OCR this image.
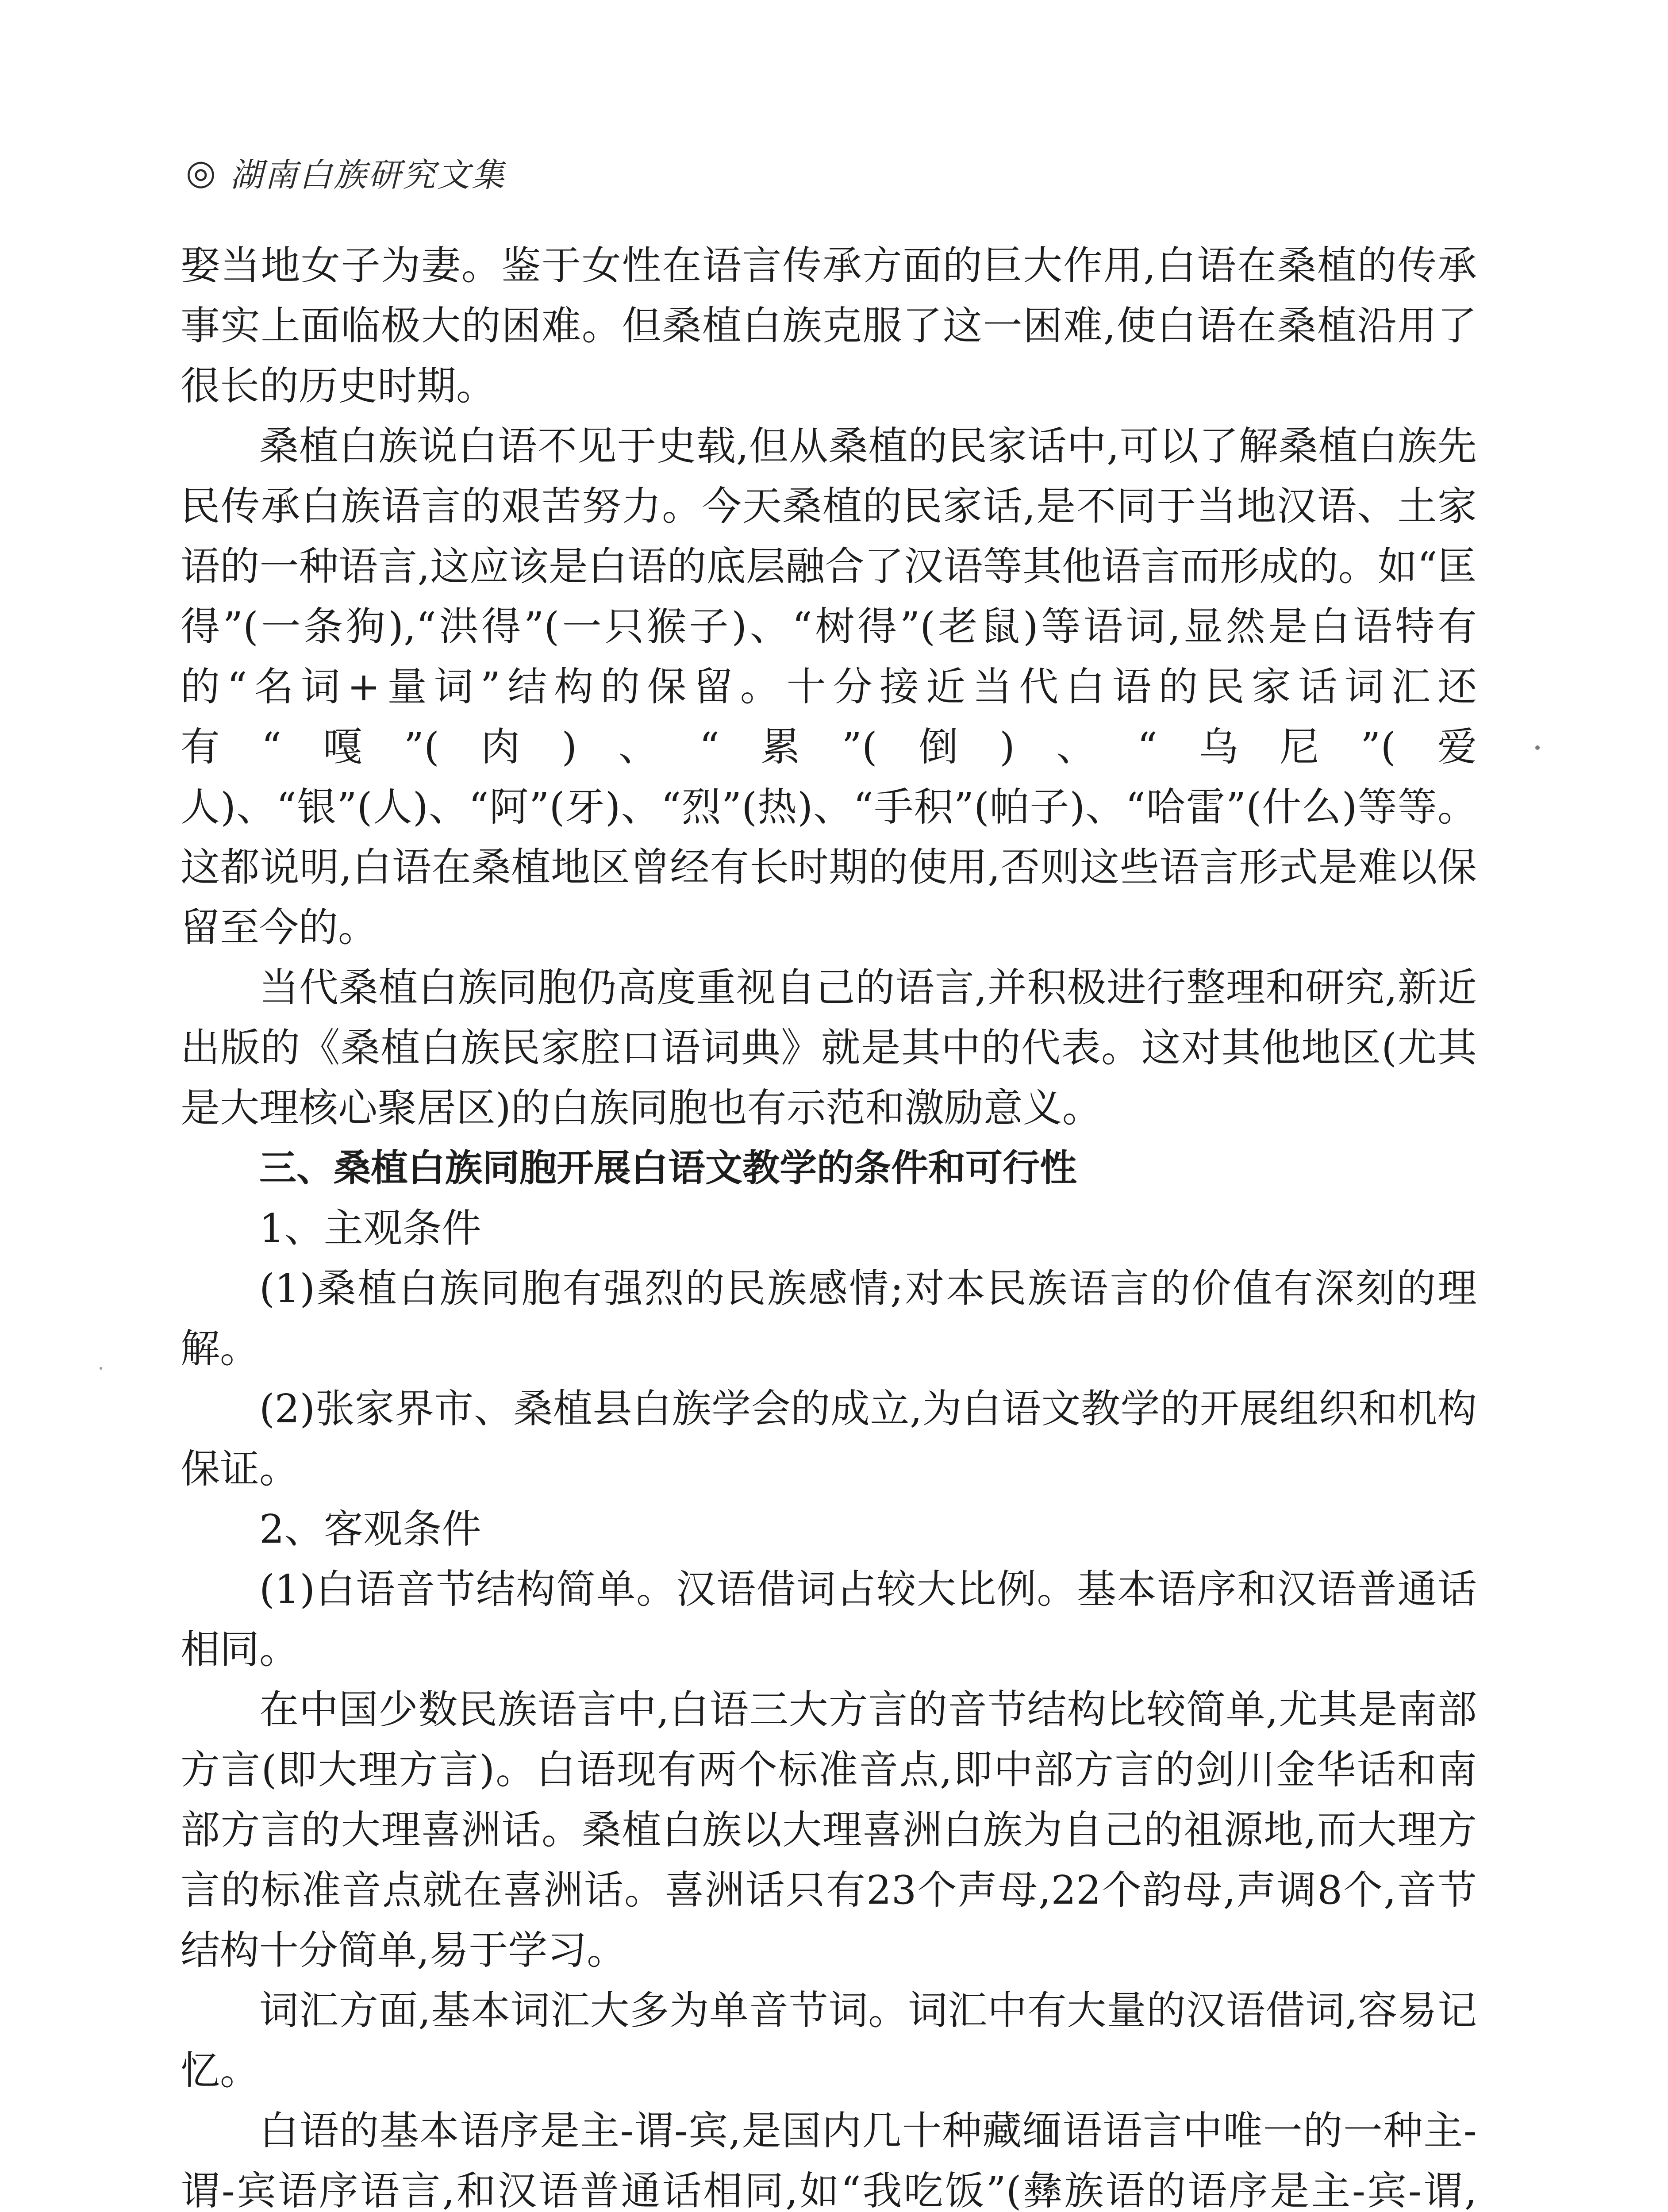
◎ 湖南白族研究文集

娶当地女子为妻。鉴于女性在语言传承方面的巨大作用,白语在桑植的传承事实上面临极大的困难。但桑植白族克服了这一困难,使白语在桑植沿用了很长的历史时期。

桑植白族说白语不见于史载,但从桑植的民家话中,可以了解桑植白族先民传承白族语言的艰苦努力。今天桑植的民家话,是不同于当地汉语、土家语的一种语言,这应该是白语的底层融合了汉语等其他语言而形成的。如“匡得”(一条狗),“洪得”(一只猴子)、“树得”(老鼠)等语词,显然是白语特有的“名词+量词”结构的保留。十分接近当代白语的民家话词汇还有“嘎”(肉)、“累”(倒)、“乌尼”(爱人)、“银”(人)、“阿”(牙)、“烈”(热)、“手积”(帕子)、“哈雷”(什么)等等。这都说明,白语在桑植地区曾经有长时期的使用,否则这些语言形式是难以保留至今的。

当代桑植白族同胞仍高度重视自己的语言,并积极进行整理和研究,新近出版的《桑植白族民家腔口语词典》就是其中的代表。这对其他地区(尤其是大理核心聚居区)的白族同胞也有示范和激励意义。

三、桑植白族同胞开展白语文教学的条件和可行性

1、主观条件

(1)桑植白族同胞有强烈的民族感情;对本民族语言的价值有深刻的理解。

(2)张家界市、桑植县白族学会的成立,为白语文教学的开展组织和机构保证。

2、客观条件

(1)白语音节结构简单。汉语借词占较大比例。基本语序和汉语普通话相同。

在中国少数民族语言中,白语三大方言的音节结构比较简单,尤其是南部方言(即大理方言)。白语现有两个标准音点,即中部方言的剑川金华话和南部方言的大理喜洲话。桑植白族以大理喜洲白族为自己的祖源地,而大理方言的标准音点就在喜洲话。喜洲话只有23个声母,22个韵母,声调8个,音节结构十分简单,易于学习。

词汇方面,基本词汇大多为单音节词。词汇中有大量的汉语借词,容易记忆。

白语的基本语序是主-谓-宾,是国内几十种藏缅语语言中唯一的一种主-谓-宾语序语言,和汉语普通话相同,如“我吃饭”(彝族语的语序是主-宾-谓,
